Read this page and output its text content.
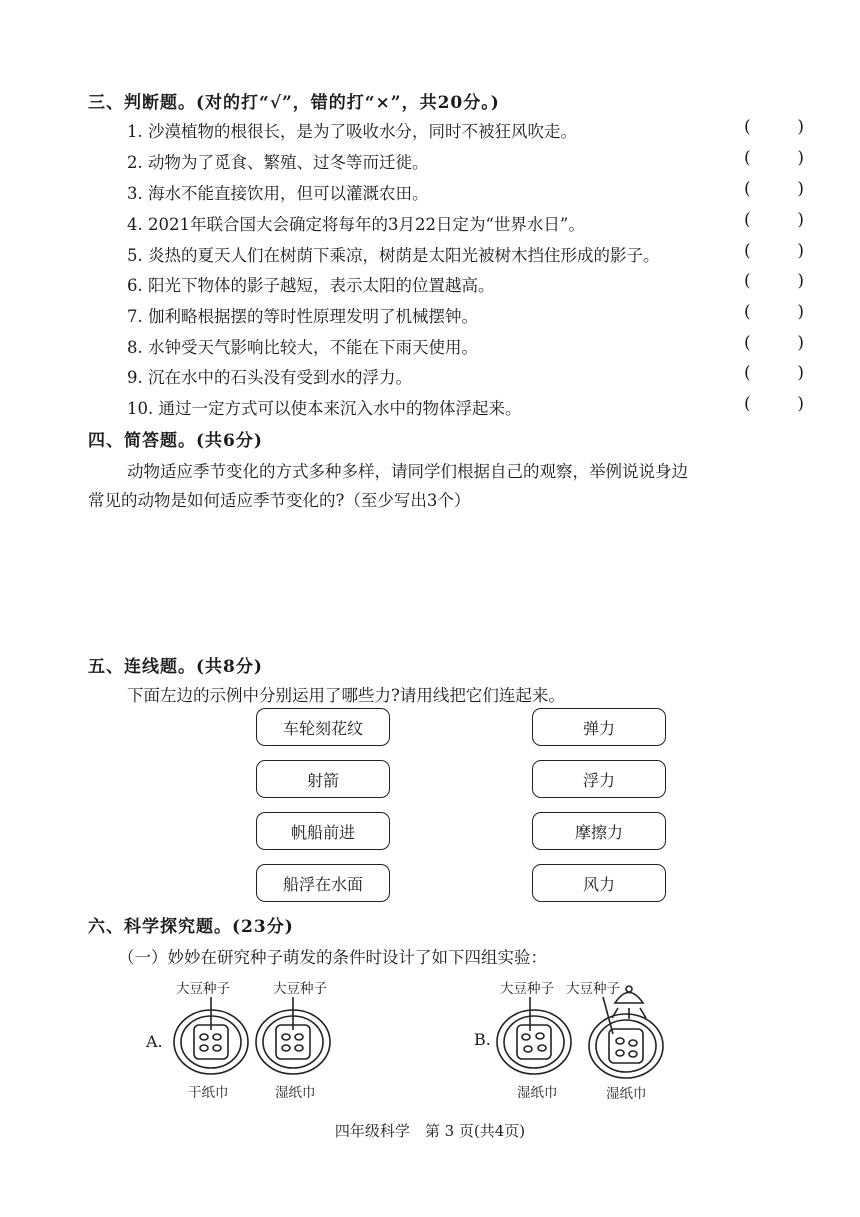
三、判断题。(对的打“√”，错的打“×”，共20分。)
1. 沙漠植物的根很长，是为了吸收水分，同时不被狂风吹走。	(	)
2. 动物为了觅食、繁殖、过冬等而迁徙。	(	)
3. 海水不能直接饮用，但可以灌溉农田。	(	)
4. 2021年联合国大会确定将每年的3月22日定为“世界水日”。	(	)
5. 炎热的夏天人们在树荫下乘凉，树荫是太阳光被树木挡住形成的影子。	(	)
6. 阳光下物体的影子越短，表示太阳的位置越高。	(	)
7. 伽利略根据摆的等时性原理发明了机械摆钟。	(	)
8. 水钟受天气影响比较大，不能在下雨天使用。	(	)
9. 沉在水中的石头没有受到水的浮力。	(	)
10. 通过一定方式可以使本来沉入水中的物体浮起来。	(	)
四、简答题。(共6分)
动物适应季节变化的方式多种多样，请同学们根据自己的观察，举例说说身边
常见的动物是如何适应季节变化的?（至少写出3个）
五、连线题。(共8分)
下面左边的示例中分别运用了哪些力?请用线把它们连起来。
车轮刻花纹
射箭
帆船前进
船浮在水面
弹力
浮力
摩擦力
风力
六、科学探究题。(23分)
（一）妙妙在研究种子萌发的条件时设计了如下四组实验：
大豆种子	大豆种子
A.
干纸巾	湿纸巾
大豆种子 大豆种子
B.
湿纸巾	湿纸巾
四年级科学　第 3 页(共4页)
